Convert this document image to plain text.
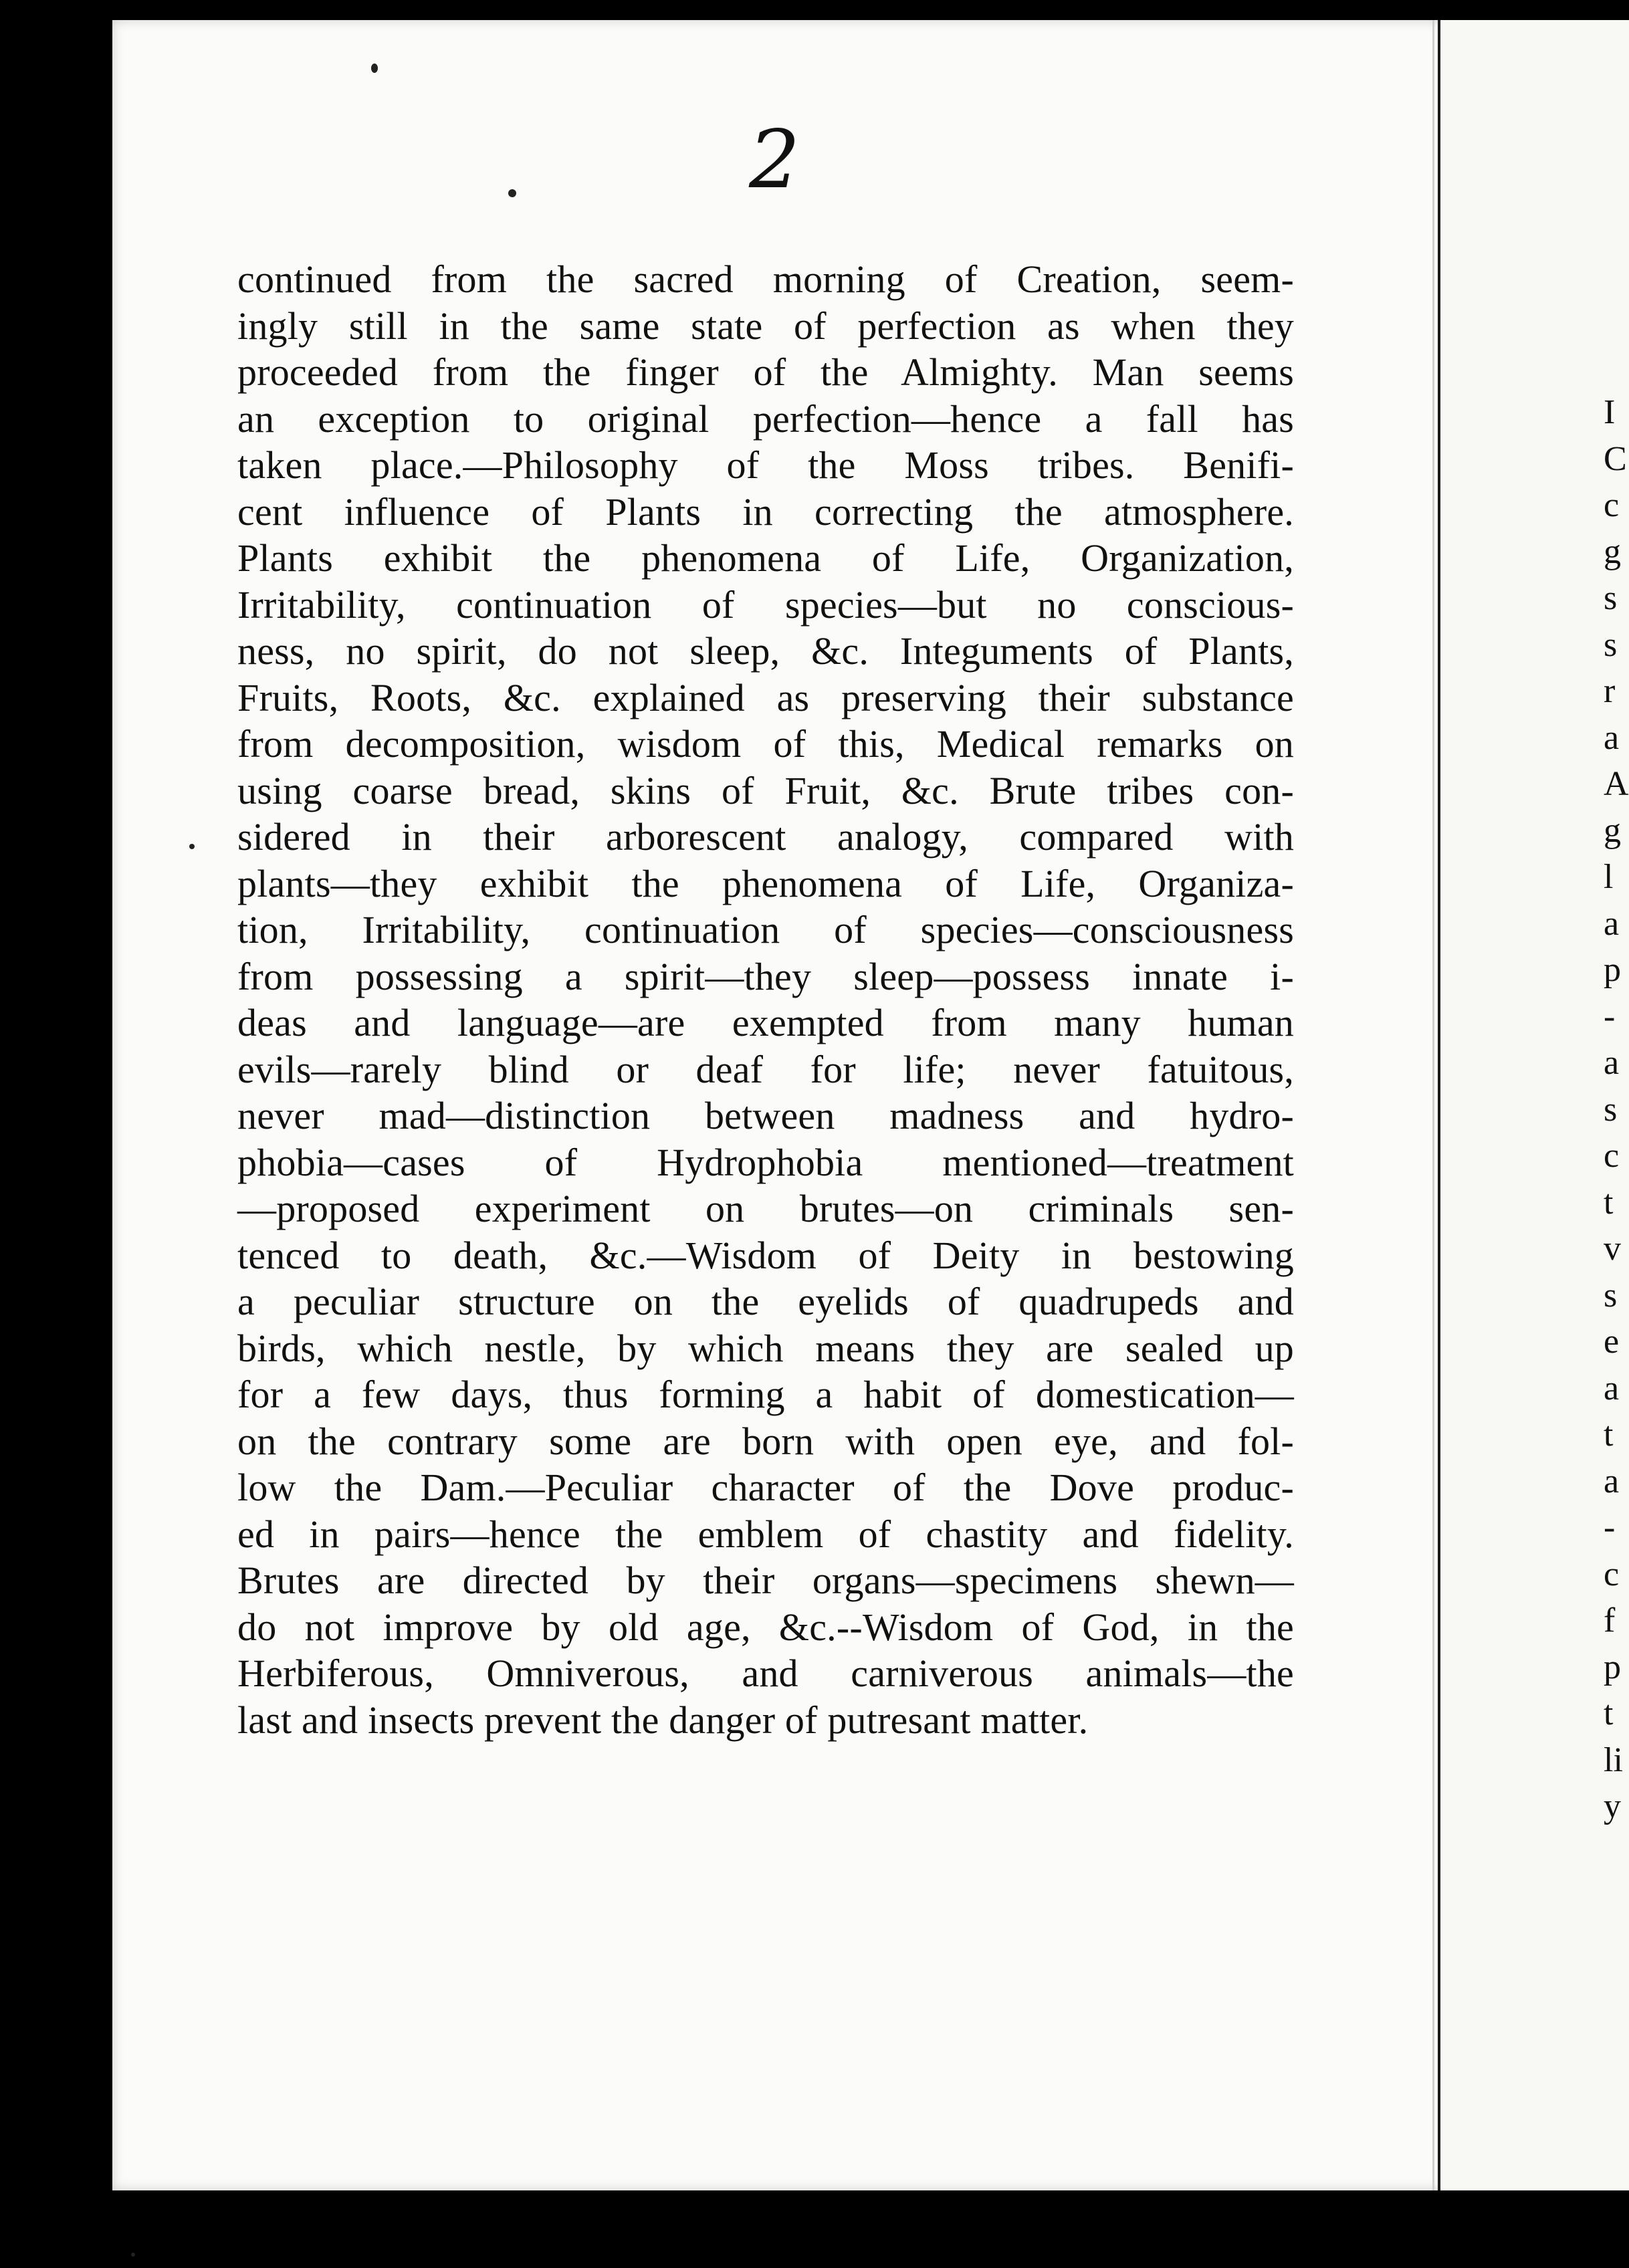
2
continued from the sacred morning of Creation, seem-
ingly still in the same state of perfection as when they
proceeded from the finger of the Almighty. Man seems
an exception to original perfection—hence a fall has
taken place.—Philosophy of the Moss tribes. Benifi-
cent influence of Plants in correcting the atmosphere.
Plants exhibit the phenomena of Life, Organization,
Irritability, continuation of species—but no conscious-
ness, no spirit, do not sleep, &c. Integuments of Plants,
Fruits, Roots, &c. explained as preserving their substance
from decomposition, wisdom of this, Medical remarks on
using coarse bread, skins of Fruit, &c. Brute tribes con-
sidered in their arborescent analogy, compared with
plants—they exhibit the phenomena of Life, Organiza-
tion, Irritability, continuation of species—consciousness
from possessing a spirit—they sleep—possess innate i-
deas and language—are exempted from many human
evils—rarely blind or deaf for life; never fatuitous,
never mad—distinction between madness and hydro-
phobia—cases of Hydrophobia mentioned—treatment
—proposed experiment on brutes—on criminals sen-
tenced to death, &c.—Wisdom of Deity in bestowing
a peculiar structure on the eyelids of quadrupeds and
birds, which nestle, by which means they are sealed up
for a few days, thus forming a habit of domestication—
on the contrary some are born with open eye, and fol-
low the Dam.—Peculiar character of the Dove produc-
ed in pairs—hence the emblem of chastity and fidelity.
Brutes are directed by their organs—specimens shewn—
do not improve by old age, &c.--Wisdom of God, in the
Herbiferous, Omniverous, and carniverous animals—the
last and insects prevent the danger of putresant matter.
I
C
c
g
s
s
r
a
A
g
l
a
p
-
a
s
c
t
v
s
e
a
t
a
-
c
f
p
t
li
y
